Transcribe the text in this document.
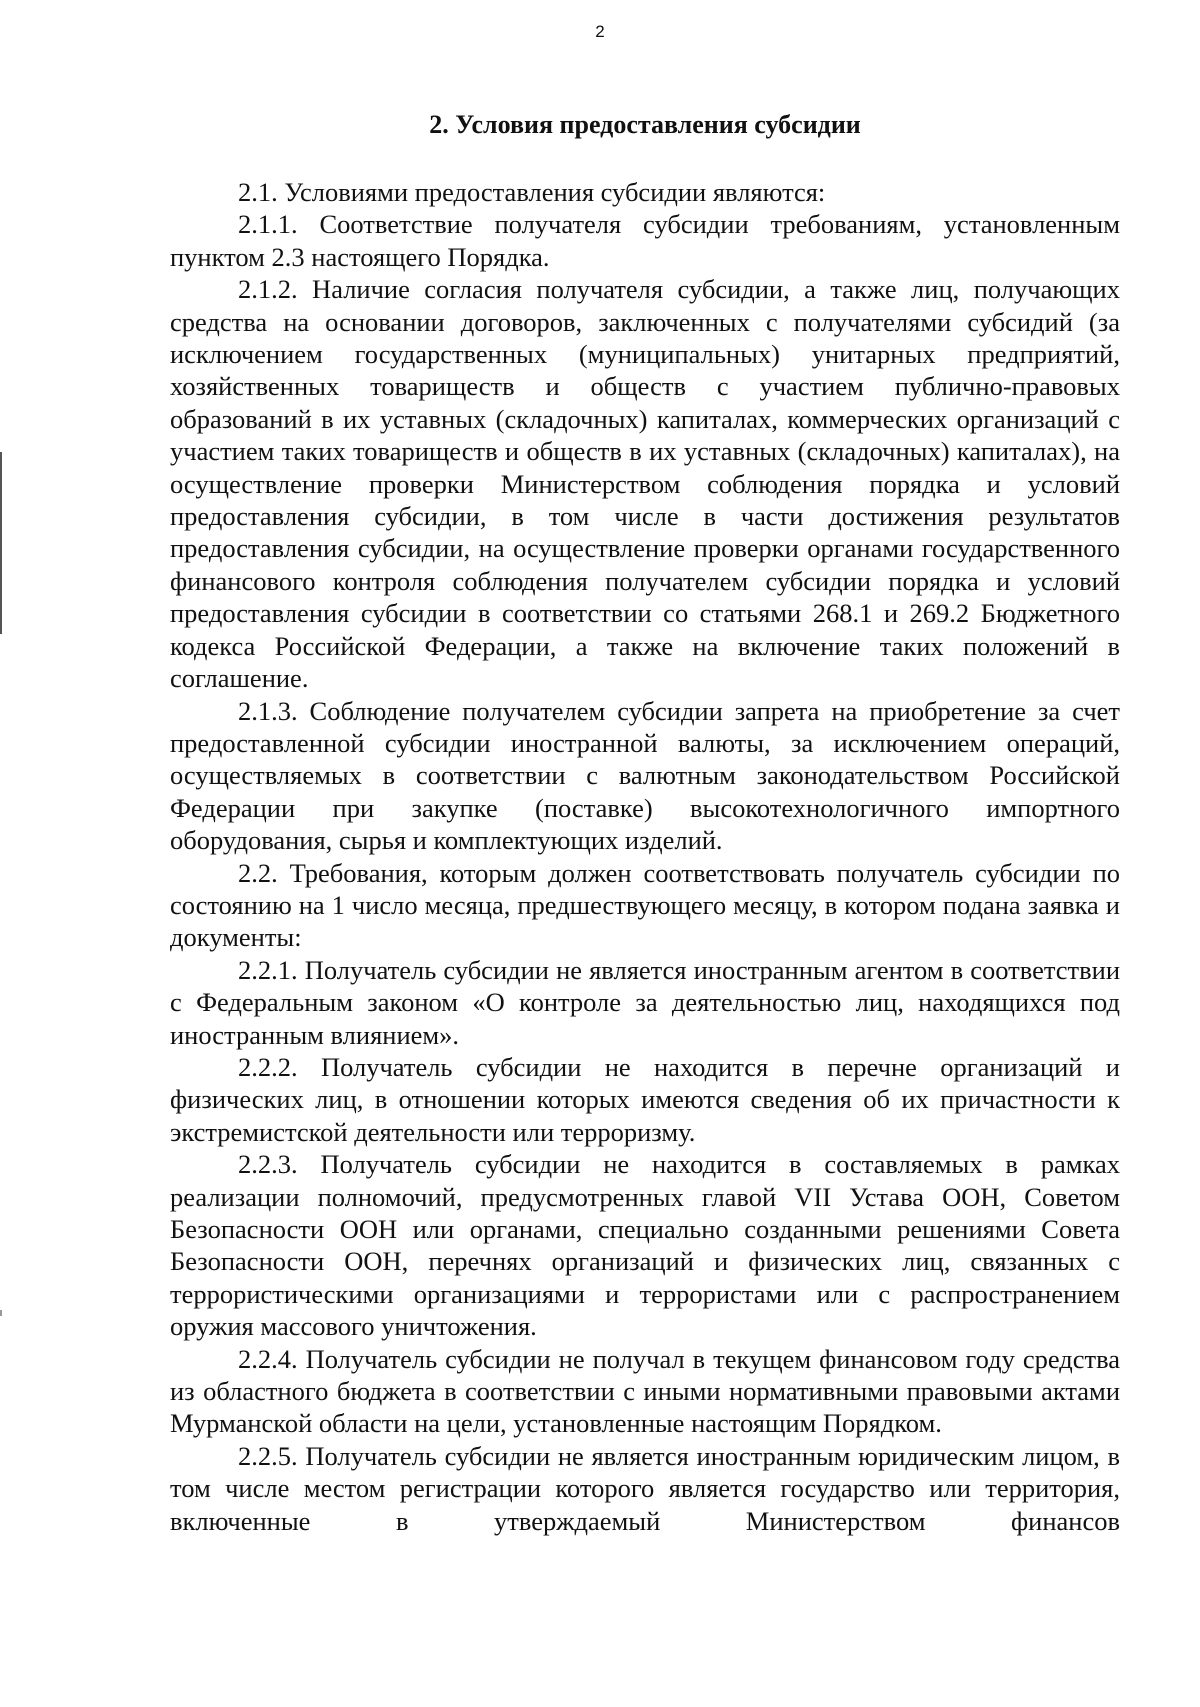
2
2. Условия предоставления субсидии

2.1. Условиями предоставления субсидии являются:

2.1.1. Соответствие получателя субсидии требованиям, установленным пунктом 2.3 настоящего Порядка.

2.1.2. Наличие согласия получателя субсидии, а также лиц, получающих средства на основании договоров, заключенных с получателями субсидий (за исключением государственных (муниципальных) унитарных предприятий, хозяйственных товариществ и обществ с участием публично-правовых образований в их уставных (складочных) капиталах, коммерческих организаций с участием таких товариществ и обществ в их уставных (складочных) капиталах), на осуществление проверки Министерством соблюдения порядка и условий предоставления субсидии, в том числе в части достижения результатов предоставления субсидии, на осуществление проверки органами государственного финансового контроля соблюдения получателем субсидии порядка и условий предоставления субсидии в соответствии со статьями 268.1 и 269.2 Бюджетного кодекса Российской Федерации, а также на включение таких положений в соглашение.

2.1.3. Соблюдение получателем субсидии запрета на приобретение за счет предоставленной субсидии иностранной валюты, за исключением операций, осуществляемых в соответствии с валютным законодательством Российской Федерации при закупке (поставке) высокотехнологичного импортного оборудования, сырья и комплектующих изделий.

2.2. Требования, которым должен соответствовать получатель субсидии по состоянию на 1 число месяца, предшествующего месяцу, в котором подана заявка и документы:

2.2.1. Получатель субсидии не является иностранным агентом в соответствии с Федеральным законом «О контроле за деятельностью лиц, находящихся под иностранным влиянием».

2.2.2. Получатель субсидии не находится в перечне организаций и физических лиц, в отношении которых имеются сведения об их причастности к экстремистской деятельности или терроризму.

2.2.3. Получатель субсидии не находится в составляемых в рамках реализации полномочий, предусмотренных главой VII Устава ООН, Советом Безопасности ООН или органами, специально созданными решениями Совета Безопасности ООН, перечнях организаций и физических лиц, связанных с террористическими организациями и террористами или с распространением оружия массового уничтожения.

2.2.4. Получатель субсидии не получал в текущем финансовом году средства из областного бюджета в соответствии с иными нормативными правовыми актами Мурманской области на цели, установленные настоящим Порядком.

2.2.5. Получатель субсидии не является иностранным юридическим лицом, в том числе местом регистрации которого является государство или территория, включенные в утверждаемый Министерством финансов
